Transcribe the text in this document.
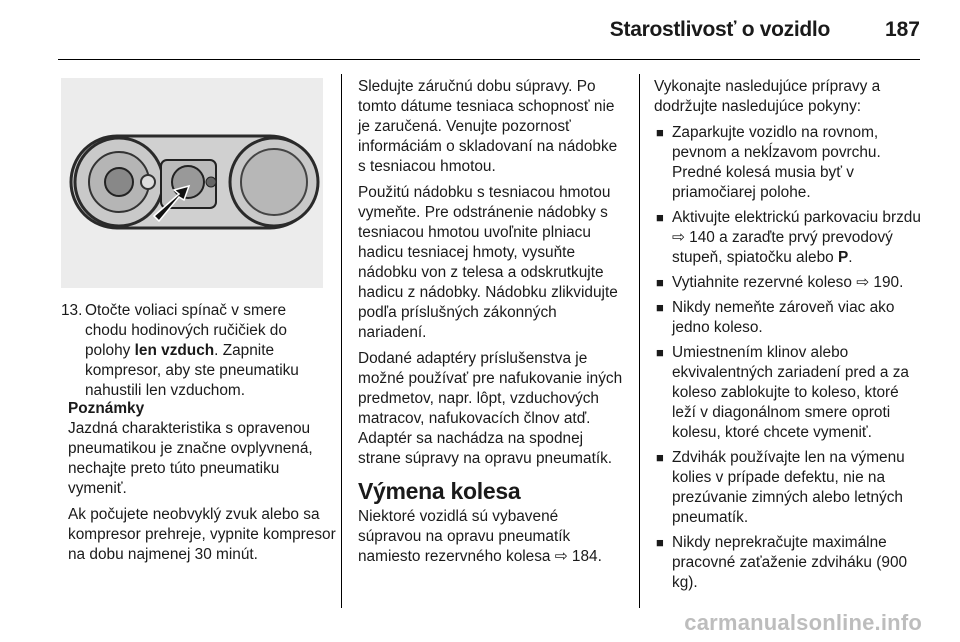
Starostlivosť o vozidlo	187
13. Otočte voliaci spínač v smere chodu hodinových ručičiek do polohy len vzduch. Zapnite kompresor, aby ste pneumatiku nahustili len vzduchom.
Poznámky

Jazdná charakteristika s opravenou pneumatikou je značne ovplyvnená, nechajte preto túto pneumatiku vymeniť.

Ak počujete neobvyklý zvuk alebo sa kompresor prehreje, vypnite kompresor na dobu najmenej 30 minút.

Sledujte záručnú dobu súpravy. Po tomto dátume tesniaca schopnosť nie je zaručená. Venujte pozornosť informáciám o skladovaní na nádobke s tesniacou hmotou.

Použitú nádobku s tesniacou hmotou vymeňte. Pre odstránenie nádobky s tesniacou hmotou uvoľnite plniacu hadicu tesniacej hmoty, vysuňte nádobku von z telesa a odskrutkujte hadicu z nádobky. Nádobku zlikvidujte podľa príslušných zákonných nariadení.

Dodané adaptéry príslušenstva je možné používať pre nafukovanie iných predmetov, napr. lôpt, vzduchových matracov, nafukovacích člnov atď. Adaptér sa nachádza na spodnej strane súpravy na opravu pneumatík.

Výmena kolesa

Niektoré vozidlá sú vybavené súpravou na opravu pneumatík namiesto rezervného kolesa ⇨ 184.

Vykonajte nasledujúce prípravy a dodržujte nasledujúce pokyny:

■ Zaparkujte vozidlo na rovnom, pevnom a nekĺzavom povrchu. Predné kolesá musia byť v priamočiarej polohe.
■ Aktivujte elektrickú parkovaciu brzdu ⇨ 140 a zaraďte prvý prevodový stupeň, spiatočku alebo P.
■ Vytiahnite rezervné koleso ⇨ 190.
■ Nikdy nemeňte zároveň viac ako jedno koleso.
■ Umiestnením klinov alebo ekvivalentných zariadení pred a za koleso zablokujte to koleso, ktoré leží v diagonálnom smere oproti kolesu, ktoré chcete vymeniť.
■ Zdvihák používajte len na výmenu kolies v prípade defektu, nie na prezúvanie zimných alebo letných pneumatík.
■ Nikdy neprekračujte maximálne pracovné zaťaženie zdviháku (900 kg).
carmanualsonline.info
